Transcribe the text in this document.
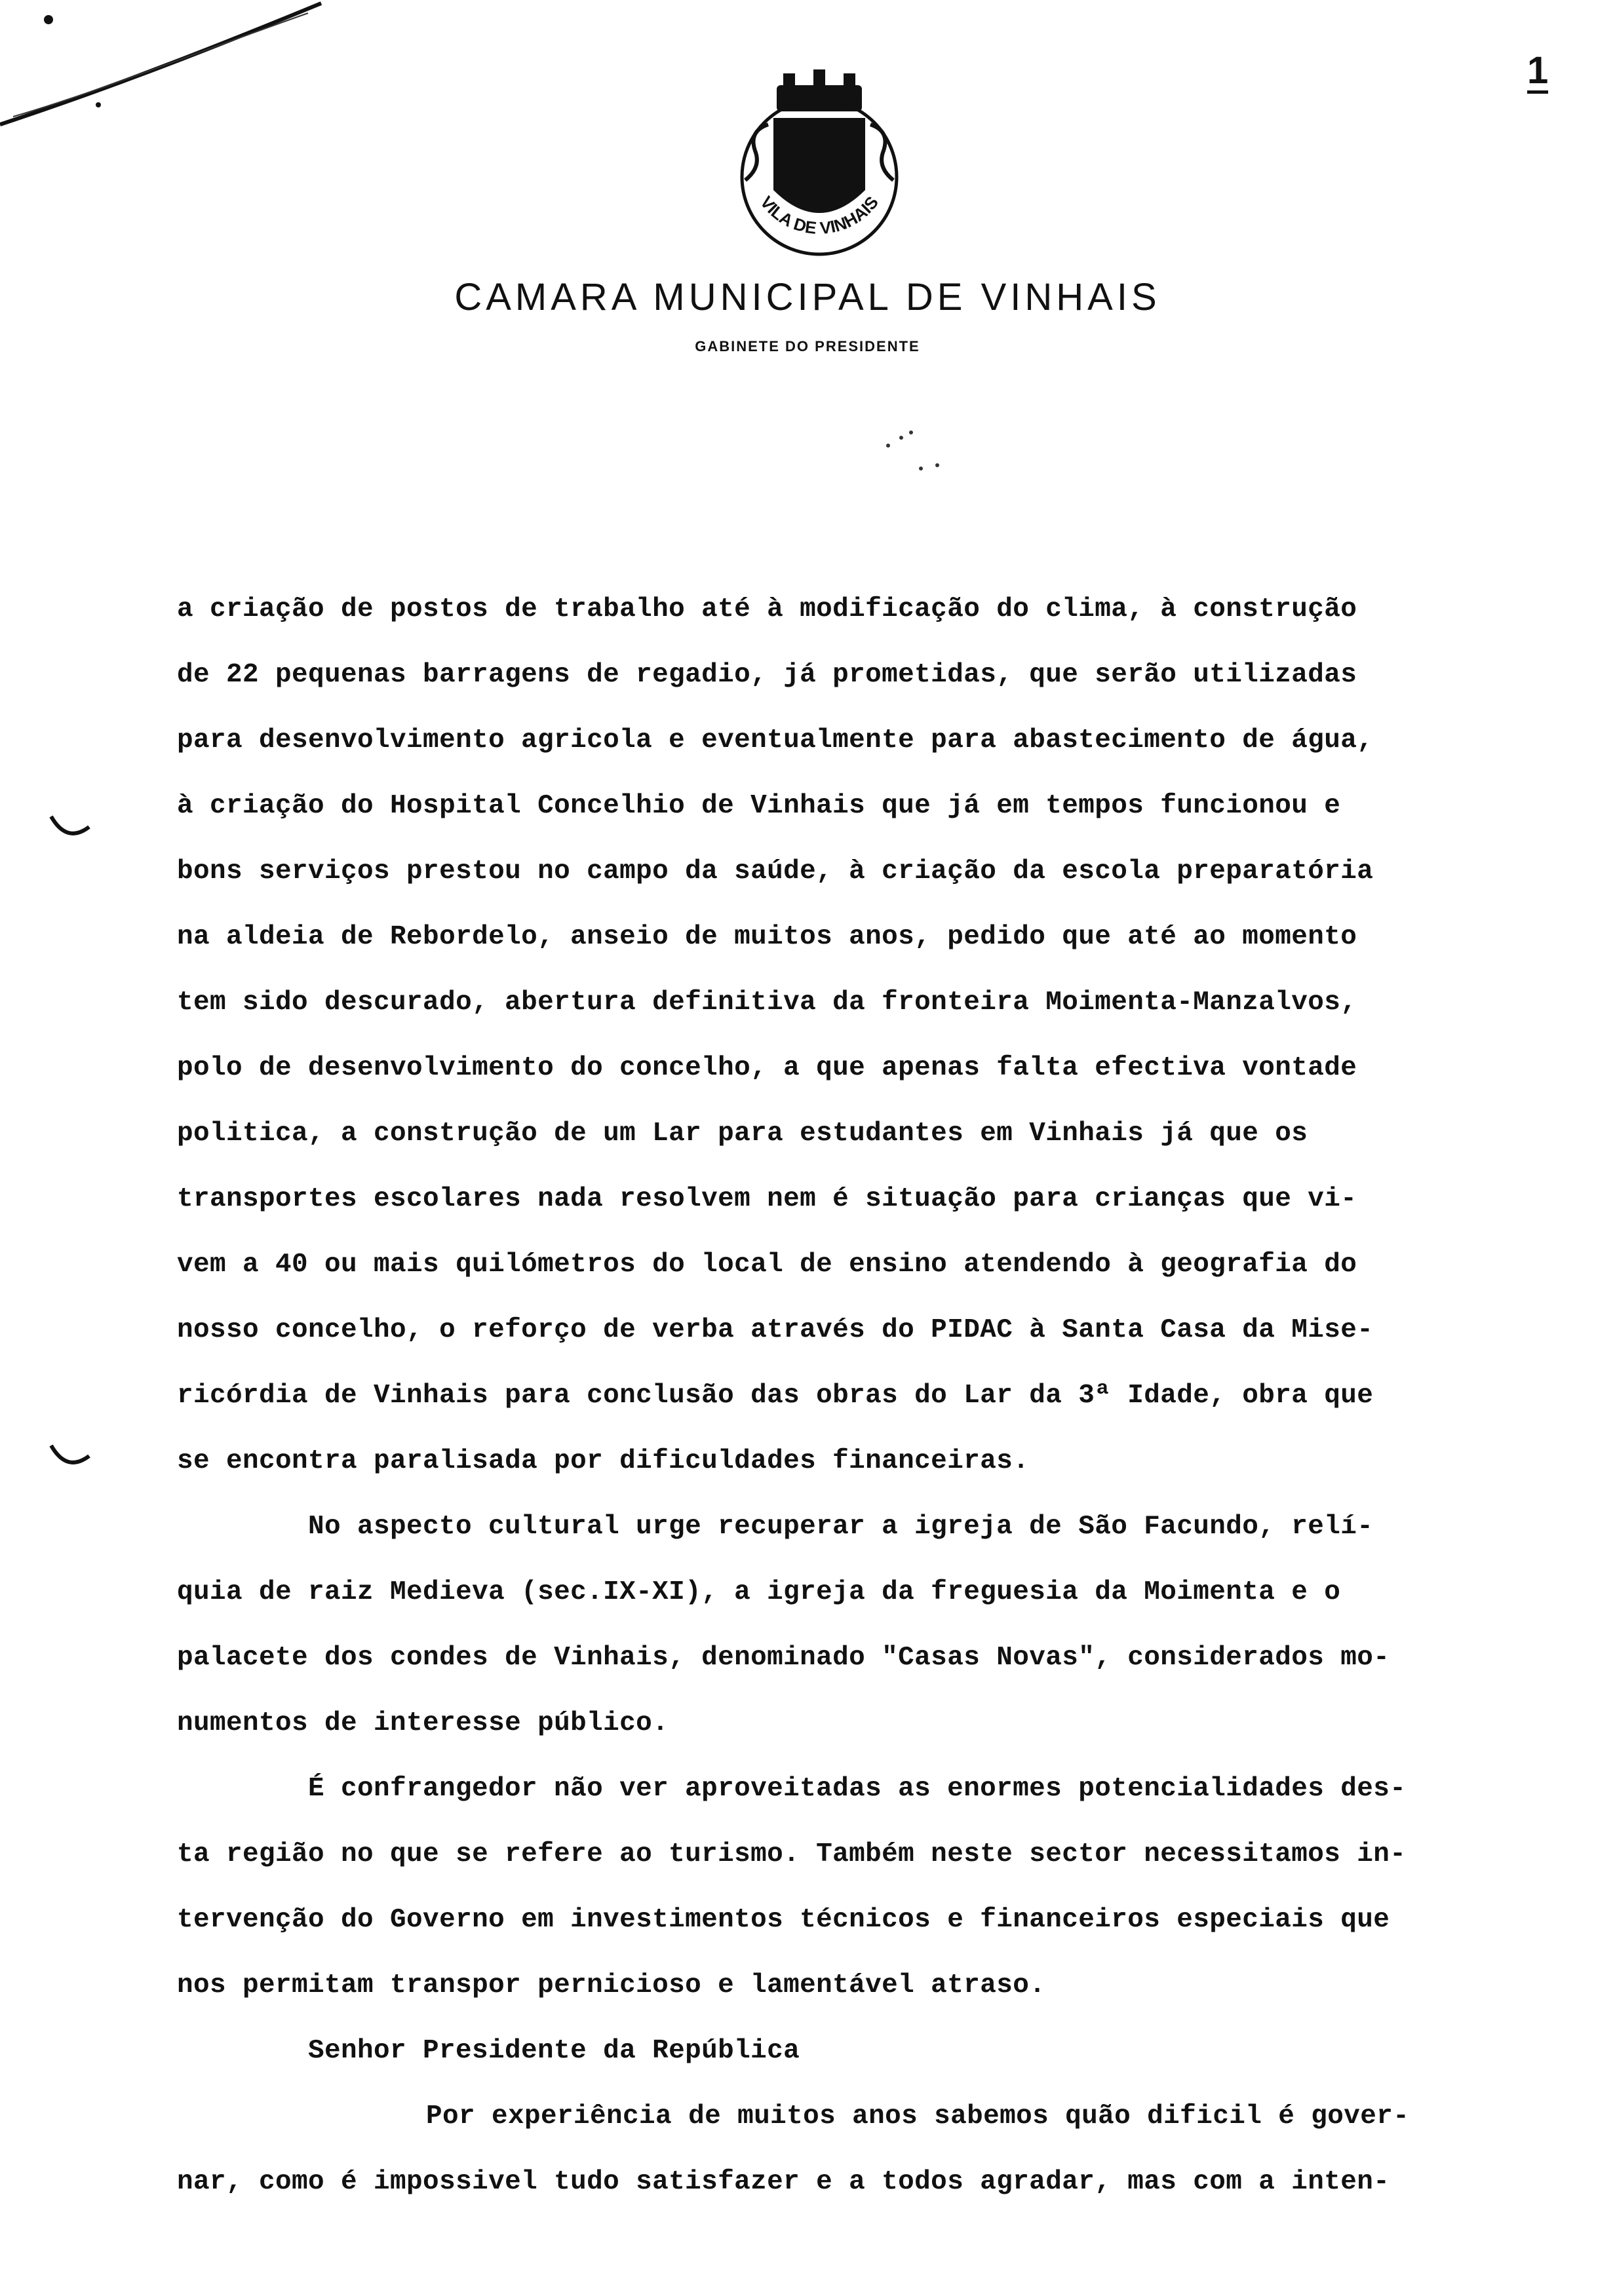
1
VILA DE VINHAIS
CAMARA MUNICIPAL DE VINHAIS
GABINETE DO PRESIDENTE
a criação de postos de trabalho até à modificação do clima, à construção
de 22 pequenas barragens de regadio, já prometidas, que serão utilizadas
para desenvolvimento agricola e eventualmente para abastecimento de água,
à criação do Hospital Concelhio de Vinhais que já em tempos funcionou e
bons serviços prestou no campo da saúde, à criação da escola preparatória
na aldeia de Rebordelo, anseio de muitos anos, pedido que até ao momento
tem sido descurado, abertura definitiva da fronteira Moimenta-Manzalvos,
polo de desenvolvimento do concelho, a que apenas falta efectiva vontade
politica, a construção de um Lar para estudantes em Vinhais já que os
transportes escolares nada resolvem nem é situação para crianças que vi-
vem a 40 ou mais quilómetros do local de ensino atendendo à geografia do
nosso concelho, o reforço de verba através do PIDAC à Santa Casa da Mise-
ricórdia de Vinhais para conclusão das obras do Lar da 3ª Idade, obra que
se encontra paralisada por dificuldades financeiras.
No aspecto cultural urge recuperar a igreja de São Facundo, relí-
quia de raiz Medieva (sec.IX-XI), a igreja da freguesia da Moimenta e o
palacete dos condes de Vinhais, denominado "Casas Novas", considerados mo-
numentos de interesse público.
É confrangedor não ver aproveitadas as enormes potencialidades des-
ta região no que se refere ao turismo. Também neste sector necessitamos in-
tervenção do Governo em investimentos técnicos e financeiros especiais que
nos permitam transpor pernicioso e lamentável atraso.
Senhor Presidente da República
Por experiência de muitos anos sabemos quão dificil é gover-
nar, como é impossivel tudo satisfazer e a todos agradar, mas com a inten-
